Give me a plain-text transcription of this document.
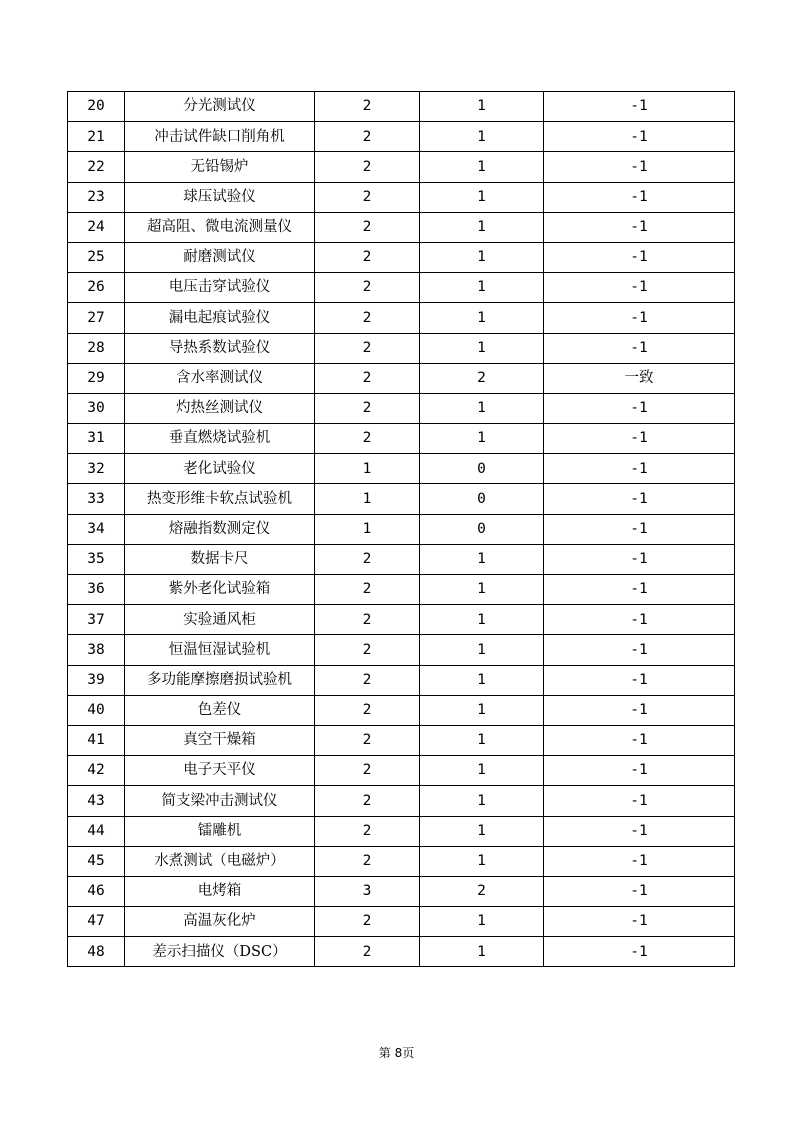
20	分光测试仪	2	1	-1
21	冲击试件缺口削角机	2	1	-1
22	无铅锡炉	2	1	-1
23	球压试验仪	2	1	-1
24	超高阻、微电流测量仪	2	1	-1
25	耐磨测试仪	2	1	-1
26	电压击穿试验仪	2	1	-1
27	漏电起痕试验仪	2	1	-1
28	导热系数试验仪	2	1	-1
29	含水率测试仪	2	2	一致
30	灼热丝测试仪	2	1	-1
31	垂直燃烧试验机	2	1	-1
32	老化试验仪	1	0	-1
33	热变形维卡软点试验机	1	0	-1
34	熔融指数测定仪	1	0	-1
35	数据卡尺	2	1	-1
36	紫外老化试验箱	2	1	-1
37	实验通风柜	2	1	-1
38	恒温恒湿试验机	2	1	-1
39	多功能摩擦磨损试验机	2	1	-1
40	色差仪	2	1	-1
41	真空干燥箱	2	1	-1
42	电子天平仪	2	1	-1
43	简支梁冲击测试仪	2	1	-1
44	镭雕机	2	1	-1
45	水煮测试（电磁炉）	2	1	-1
46	电烤箱	3	2	-1
47	高温灰化炉	2	1	-1
48	差示扫描仪（DSC）	2	1	-1
第 8页
